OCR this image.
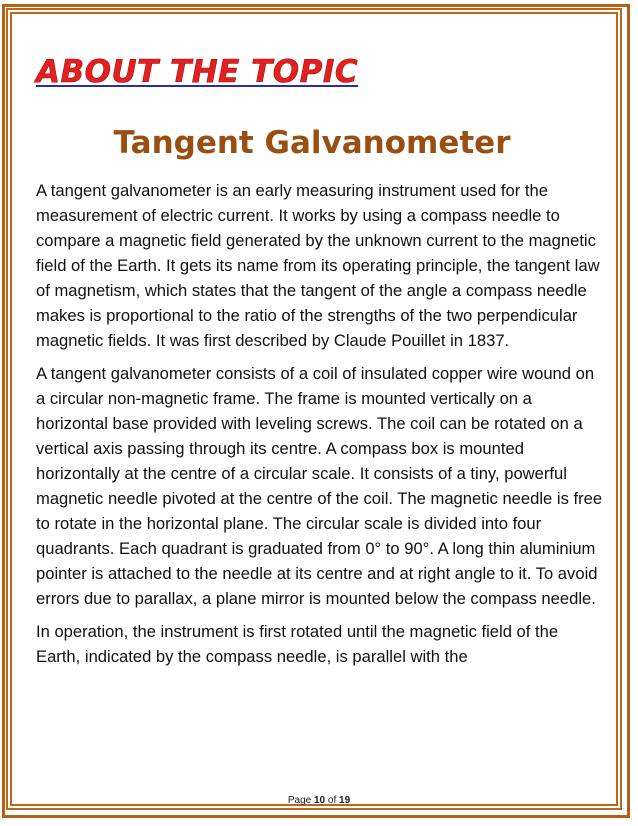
ABOUT THE TOPIC
Tangent Galvanometer

A tangent galvanometer is an early measuring instrument used for the measurement of electric current. It works by using a compass needle to compare a magnetic field generated by the unknown current to the magnetic field of the Earth. It gets its name from its operating principle, the tangent law of magnetism, which states that the tangent of the angle a compass needle makes is proportional to the ratio of the strengths of the two perpendicular magnetic fields. It was first described by Claude Pouillet in 1837.

A tangent galvanometer consists of a coil of insulated copper wire wound on a circular non-magnetic frame. The frame is mounted vertically on a horizontal base provided with leveling screws. The coil can be rotated on a vertical axis passing through its centre. A compass box is mounted horizontally at the centre of a circular scale. It consists of a tiny, powerful magnetic needle pivoted at the centre of the coil. The magnetic needle is free to rotate in the horizontal plane. The circular scale is divided into four quadrants. Each quadrant is graduated from 0° to 90°. A long thin aluminium pointer is attached to the needle at its centre and at right angle to it. To avoid errors due to parallax, a plane mirror is mounted below the compass needle.

In operation, the instrument is first rotated until the magnetic field of the Earth, indicated by the compass needle, is parallel with the

Page 10 of 19
